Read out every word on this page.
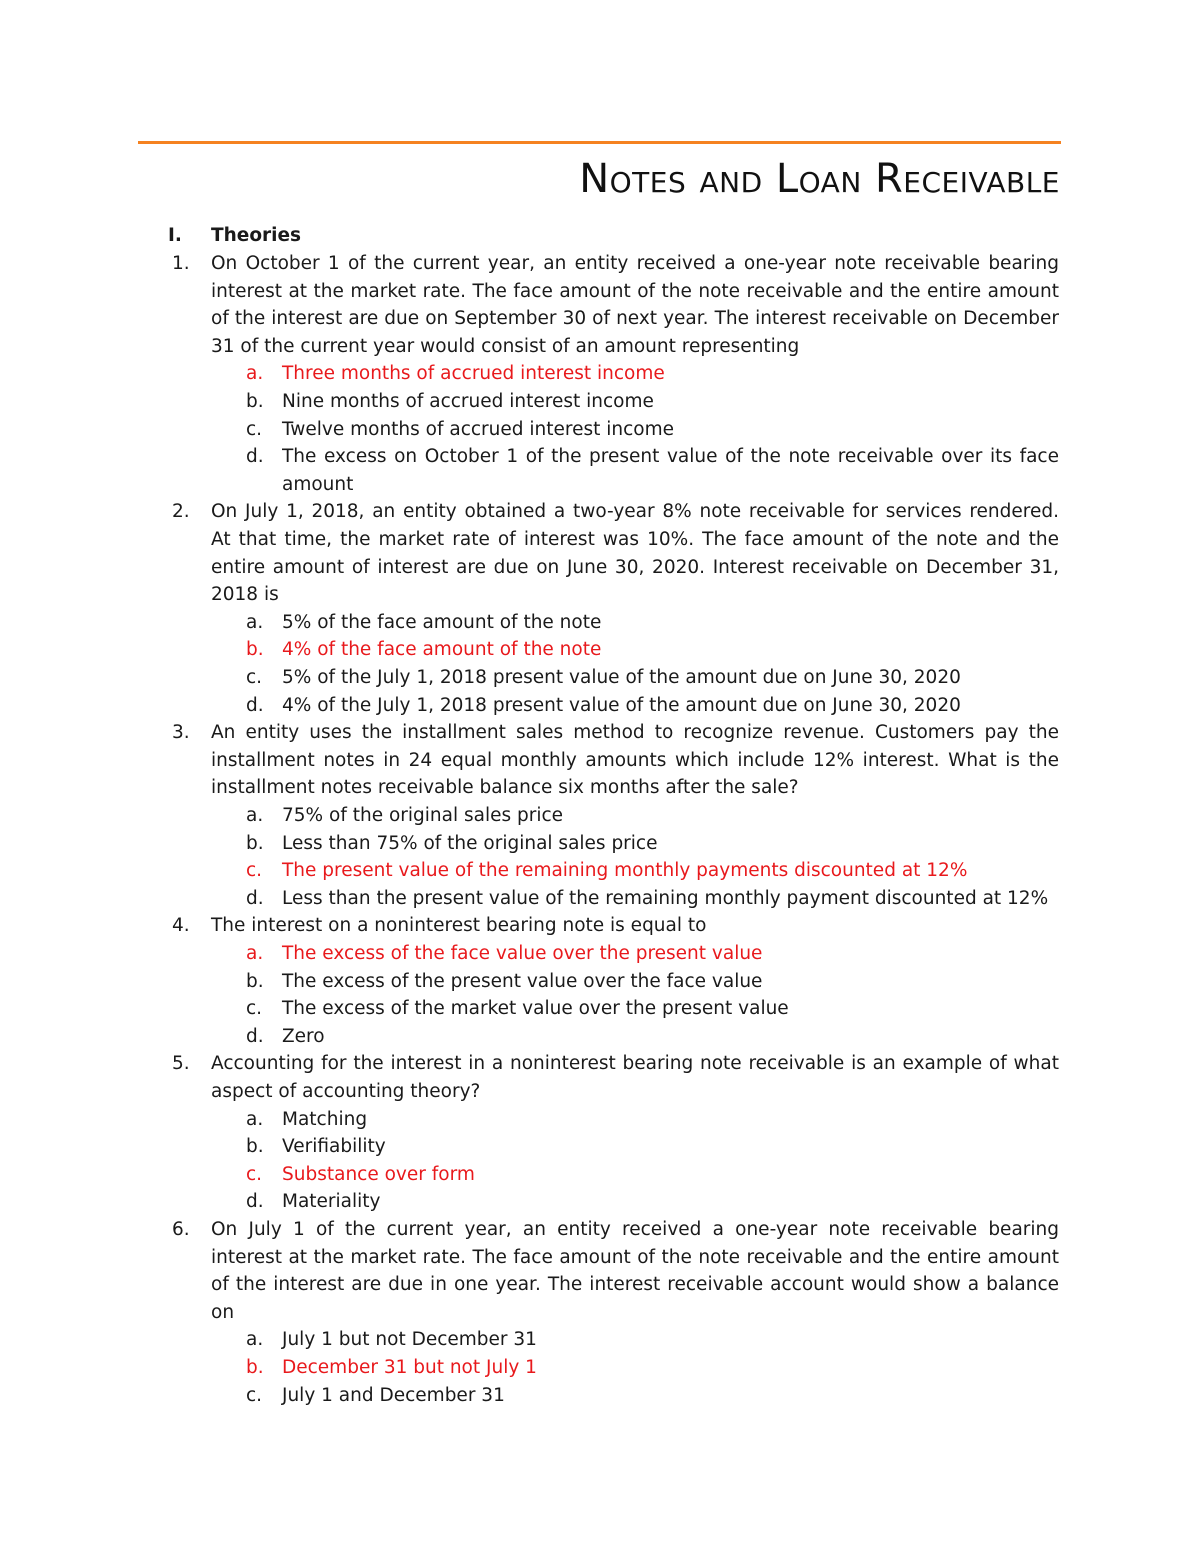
Notes and Loan Receivable
I. Theories
1. On October 1 of the current year, an entity received a one-year note receivable bearing
interest at the market rate. The face amount of the note receivable and the entire amount
of the interest are due on September 30 of next year. The interest receivable on December
31 of the current year would consist of an amount representing
a. Three months of accrued interest income
b. Nine months of accrued interest income
c. Twelve months of accrued interest income
d. The excess on October 1 of the present value of the note receivable over its face
amount
2. On July 1, 2018, an entity obtained a two-year 8% note receivable for services rendered.
At that time, the market rate of interest was 10%. The face amount of the note and the
entire amount of interest are due on June 30, 2020. Interest receivable on December 31,
2018 is
a. 5% of the face amount of the note
b. 4% of the face amount of the note
c. 5% of the July 1, 2018 present value of the amount due on June 30, 2020
d. 4% of the July 1, 2018 present value of the amount due on June 30, 2020
3. An entity uses the installment sales method to recognize revenue. Customers pay the
installment notes in 24 equal monthly amounts which include 12% interest. What is the
installment notes receivable balance six months after the sale?
a. 75% of the original sales price
b. Less than 75% of the original sales price
c. The present value of the remaining monthly payments discounted at 12%
d. Less than the present value of the remaining monthly payment discounted at 12%
4. The interest on a noninterest bearing note is equal to
a. The excess of the face value over the present value
b. The excess of the present value over the face value
c. The excess of the market value over the present value
d. Zero
5. Accounting for the interest in a noninterest bearing note receivable is an example of what
aspect of accounting theory?
a. Matching
b. Verifiability
c. Substance over form
d. Materiality
6. On July 1 of the current year, an entity received a one-year note receivable bearing
interest at the market rate. The face amount of the note receivable and the entire amount
of the interest are due in one year. The interest receivable account would show a balance
on
a. July 1 but not December 31
b. December 31 but not July 1
c. July 1 and December 31
